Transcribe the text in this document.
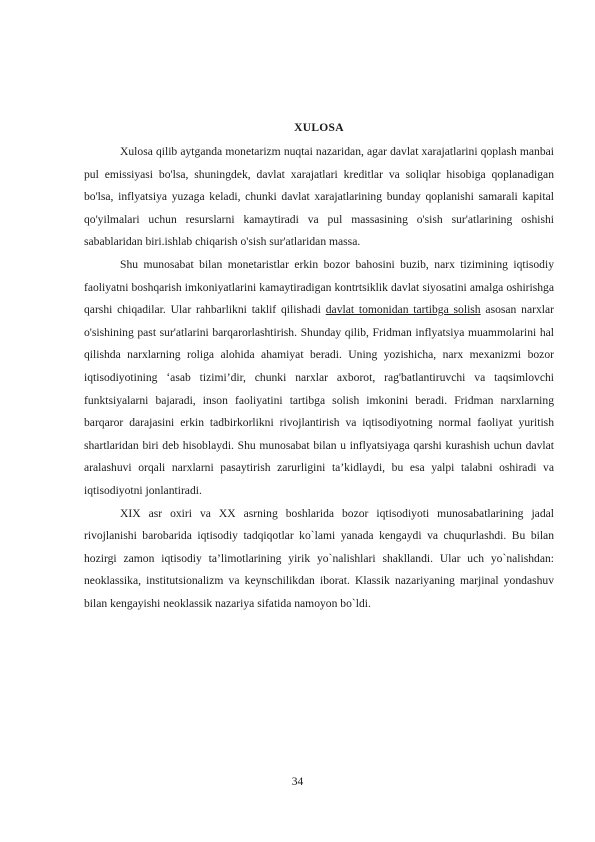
XULOSA

Xulosa qilib aytganda monetarizm nuqtai nazaridan, agar davlat xarajatlarini qoplash manbai pul emissiyasi bo'lsa, shuningdek, davlat xarajatlari kreditlar va soliqlar hisobiga qoplanadigan bo'lsa, inflyatsiya yuzaga keladi, chunki davlat xarajatlarining bunday qoplanishi samarali kapital qo'yilmalari uchun resurslarni kamaytiradi va pul massasining o'sish sur'atlarining oshishi sabablaridan biri.ishlab chiqarish o'sish sur'atlaridan massa.

Shu munosabat bilan monetaristlar erkin bozor bahosini buzib, narx tizimining iqtisodiy faoliyatni boshqarish imkoniyatlarini kamaytiradigan kontrtsiklik davlat siyosatini amalga oshirishga qarshi chiqadilar. Ular rahbarlikni taklif qilishadi davlat tomonidan tartibga solish asosan narxlar o'sishining past sur'atlarini barqarorlashtirish. Shunday qilib, Fridman inflyatsiya muammolarini hal qilishda narxlarning roliga alohida ahamiyat beradi. Uning yozishicha, narx mexanizmi bozor iqtisodiyotining ‘asab tizimi’dir, chunki narxlar axborot, rag'batlantiruvchi va taqsimlovchi funktsiyalarni bajaradi, inson faoliyatini tartibga solish imkonini beradi. Fridman narxlarning barqaror darajasini erkin tadbirkorlikni rivojlantirish va iqtisodiyotning normal faoliyat yuritish shartlaridan biri deb hisoblaydi. Shu munosabat bilan u inflyatsiyaga qarshi kurashish uchun davlat aralashuvi orqali narxlarni pasaytirish zarurligini ta’kidlaydi, bu esa yalpi talabni oshiradi va iqtisodiyotni jonlantiradi.

XIX asr oxiri va XX asrning boshlarida bozor iqtisodiyoti munosabatlarining jadal rivojlanishi barobarida iqtisodiy tadqiqotlar ko`lami yanada kengaydi va chuqurlashdi. Bu bilan hozirgi zamon iqtisodiy ta’limotlarining yirik yo`nalishlari shakllandi. Ular uch yo`nalishdan: neoklassika, institutsionalizm va keynschilikdan iborat. Klassik nazariyaning marjinal yondashuv bilan kengayishi neoklassik nazariya sifatida namoyon bo`ldi.

34
